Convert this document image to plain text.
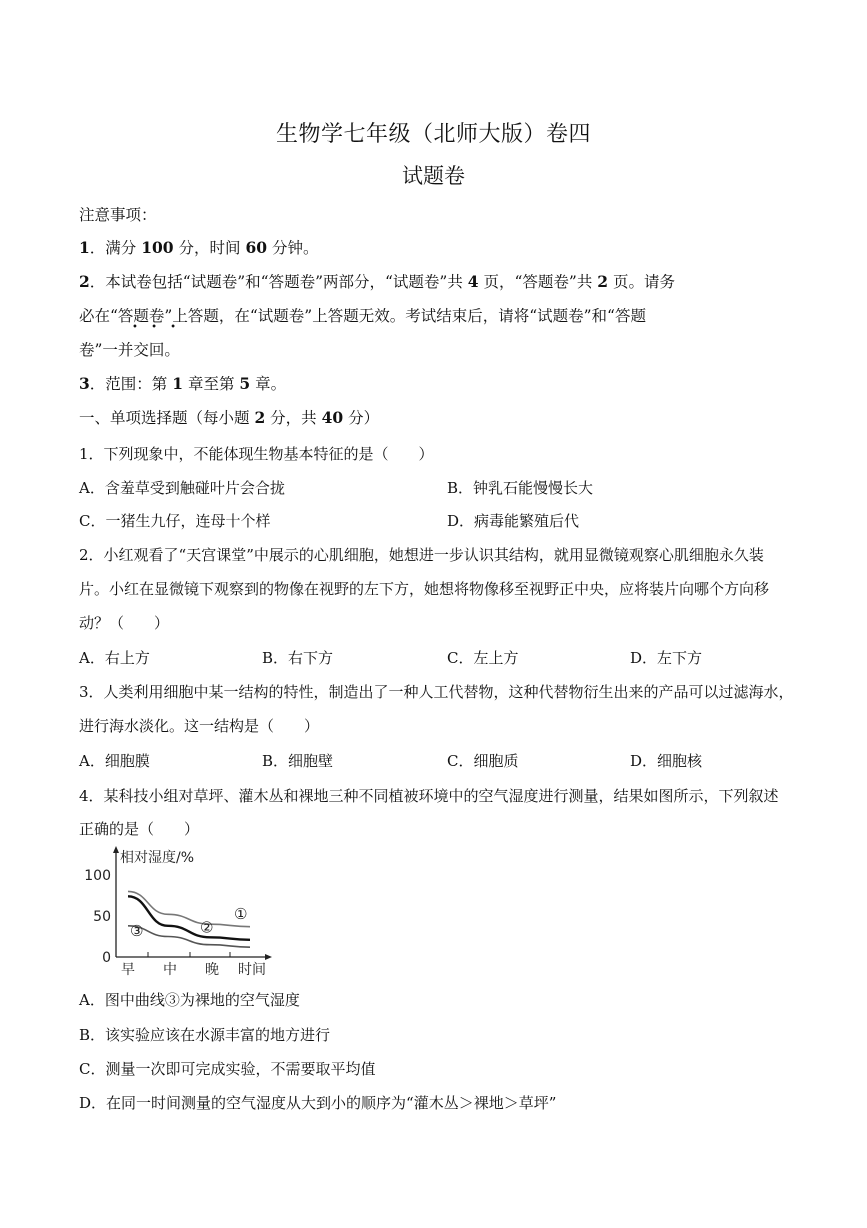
生物学七年级（北师大版）卷四
试题卷
注意事项：
1．满分 100 分，时间 60 分钟。
2．本试卷包括“试题卷”和“答题卷”两部分，“试题卷”共 4 页，“答题卷”共 2 页。请务
必在“答题卷”上答题，在“试题卷”上答题无效。考试结束后，请将“试题卷”和“答题
• • •
卷”一并交回。
3．范围：第 1 章至第 5 章。
一、单项选择题（每小题 2 分，共 40 分）
1．下列现象中，不能体现生物基本特征的是（　　）
A．含羞草受到触碰叶片会合拢	B．钟乳石能慢慢长大
C．一猪生九仔，连母十个样	D．病毒能繁殖后代
2．小红观看了“天宫课堂”中展示的心肌细胞，她想进一步认识其结构，就用显微镜观察心肌细胞永久装
片。小红在显微镜下观察到的物像在视野的左下方，她想将物像移至视野正中央，应将装片向哪个方向移
动？（　　）
A．右上方	B．右下方	C．左上方	D．左下方
3．人类利用细胞中某一结构的特性，制造出了一种人工代替物，这种代替物衍生出来的产品可以过滤海水，
进行海水淡化。这一结构是（　　）
A．细胞膜	B．细胞壁	C．细胞质	D．细胞核
4．某科技小组对草坪、灌木丛和裸地三种不同植被环境中的空气湿度进行测量，结果如图所示，下列叙述
正确的是（　　）
相对湿度/%
时间
100
50
0
早 中 晚
①
②
③
A．图中曲线③为裸地的空气湿度
B．该实验应该在水源丰富的地方进行
C．测量一次即可完成实验，不需要取平均值
D．在同一时间测量的空气湿度从大到小的顺序为“灌木丛＞裸地＞草坪”
